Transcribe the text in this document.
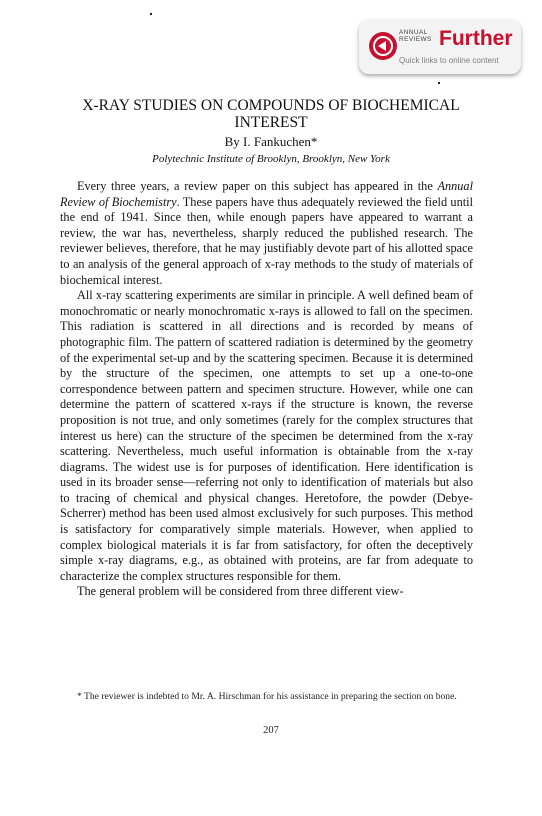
ANNUAL
REVIEWS Further
Quick links to online content
X-RAY STUDIES ON COMPOUNDS OF BIOCHEMICAL INTEREST
By I. Fankuchen*
Polytechnic Institute of Brooklyn, Brooklyn, New York

Every three years, a review paper on this subject has appeared in the Annual Review of Biochemistry. These papers have thus adequately reviewed the field until the end of 1941. Since then, while enough papers have appeared to warrant a review, the war has, nevertheless, sharply reduced the published research. The reviewer believes, therefore, that he may justifiably devote part of his allotted space to an analysis of the general approach of x-ray methods to the study of materials of biochemical interest.

All x-ray scattering experiments are similar in principle. A well defined beam of monochromatic or nearly monochromatic x-rays is allowed to fall on the specimen. This radiation is scattered in all directions and is recorded by means of photographic film. The pattern of scattered radiation is determined by the geometry of the experimental set-up and by the scattering specimen. Because it is determined by the structure of the specimen, one attempts to set up a one-to-one correspondence between pattern and specimen structure. However, while one can determine the pattern of scattered x-rays if the structure is known, the reverse proposition is not true, and only sometimes (rarely for the complex structures that interest us here) can the structure of the specimen be determined from the x-ray scattering. Nevertheless, much useful information is obtainable from the x-ray diagrams. The widest use is for purposes of identification. Here identification is used in its broader sense—referring not only to identification of materials but also to tracing of chemical and physical changes. Heretofore, the powder (Debye-Scherrer) method has been used almost exclusively for such purposes. This method is satisfactory for comparatively simple materials. However, when applied to complex biological materials it is far from satisfactory, for often the deceptively simple x-ray diagrams, e.g., as obtained with proteins, are far from adequate to characterize the complex structures responsible for them.

The general problem will be considered from three different view-

* The reviewer is indebted to Mr. A. Hirschman for his assistance in preparing the section on bone.

207
